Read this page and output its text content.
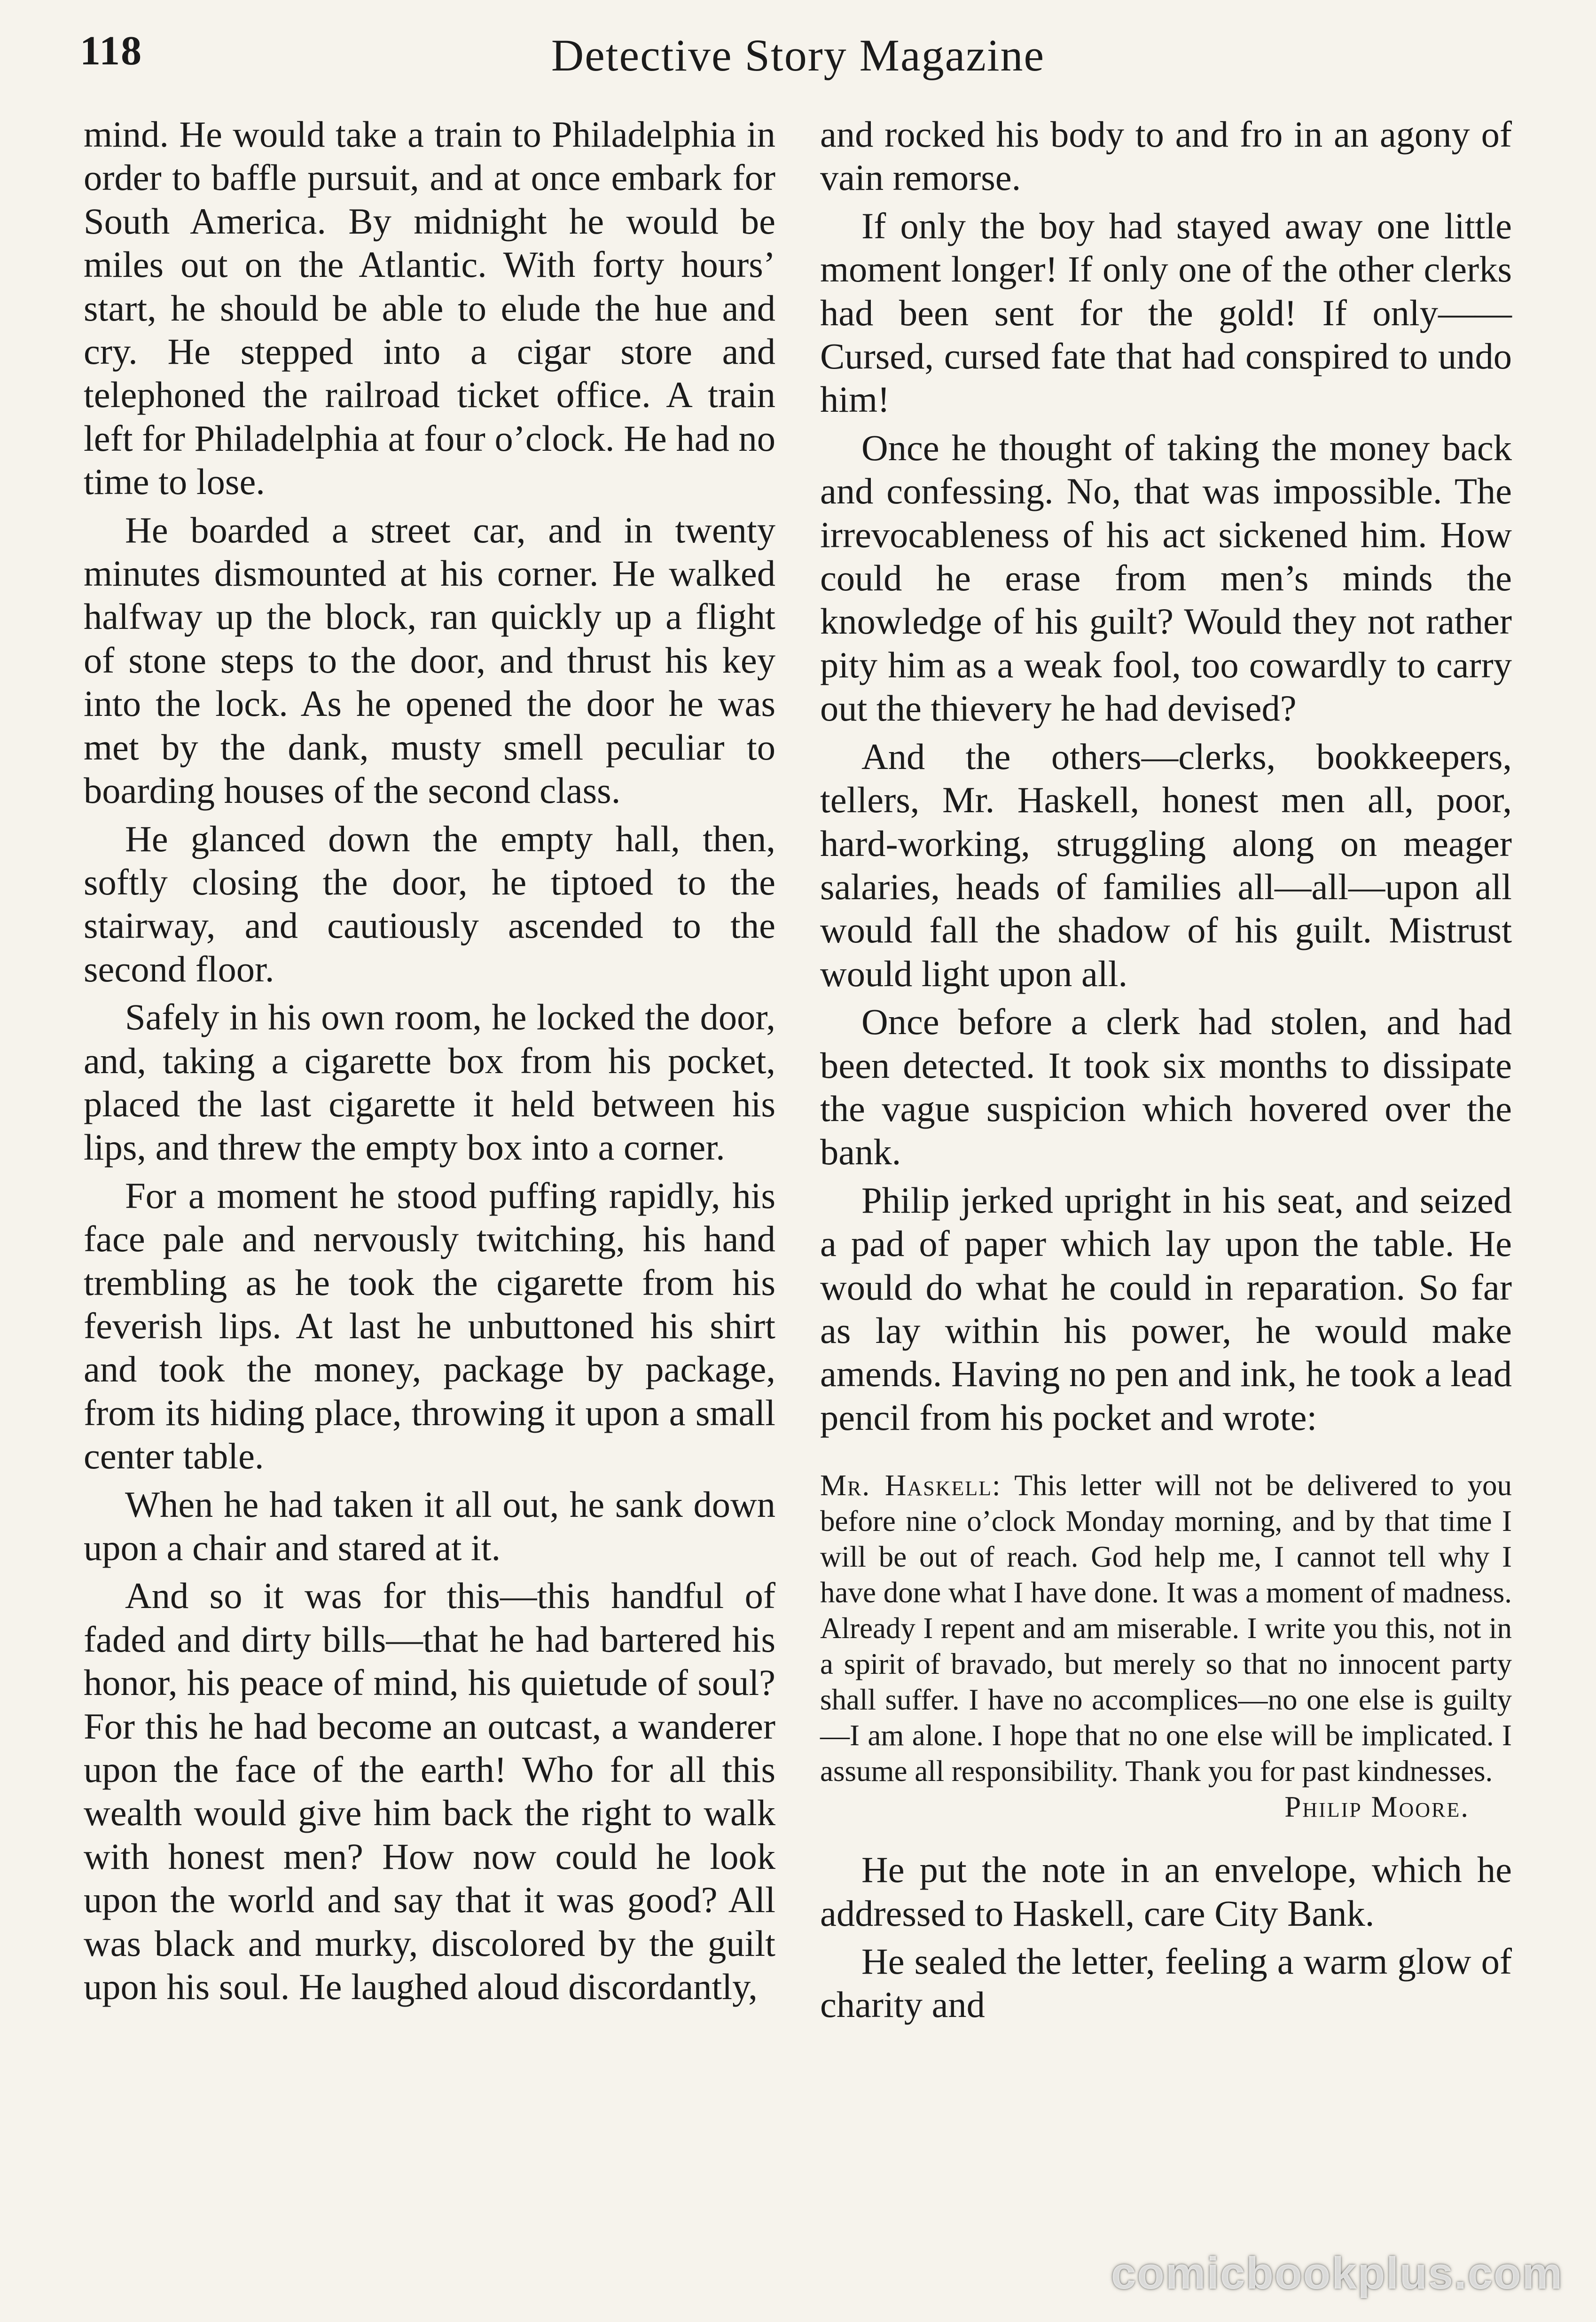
118	Detective Story Magazine

mind. He would take a train to Philadelphia in order to baffle pursuit, and at once embark for South America. By midnight he would be miles out on the Atlantic. With forty hours’ start, he should be able to elude the hue and cry. He stepped into a cigar store and telephoned the railroad ticket office. A train left for Philadelphia at four o’clock. He had no time to lose.

He boarded a street car, and in twenty minutes dismounted at his corner. He walked halfway up the block, ran quickly up a flight of stone steps to the door, and thrust his key into the lock. As he opened the door he was met by the dank, musty smell peculiar to boarding houses of the second class.

He glanced down the empty hall, then, softly closing the door, he tiptoed to the stairway, and cautiously ascended to the second floor.

Safely in his own room, he locked the door, and, taking a cigarette box from his pocket, placed the last cigarette it held between his lips, and threw the empty box into a corner.

For a moment he stood puffing rapidly, his face pale and nervously twitching, his hand trembling as he took the cigarette from his feverish lips. At last he unbuttoned his shirt and took the money, package by package, from its hiding place, throwing it upon a small center table.

When he had taken it all out, he sank down upon a chair and stared at it.

And so it was for this—this handful of faded and dirty bills—that he had bartered his honor, his peace of mind, his quietude of soul? For this he had become an outcast, a wanderer upon the face of the earth! Who for all this wealth would give him back the right to walk with honest men? How now could he look upon the world and say that it was good? All was black and murky, discolored by the guilt upon his soul. He laughed aloud discordantly,

and rocked his body to and fro in an agony of vain remorse.

If only the boy had stayed away one little moment longer! If only one of the other clerks had been sent for the gold! If only—— Cursed, cursed fate that had conspired to undo him!

Once he thought of taking the money back and confessing. No, that was impossible. The irrevocableness of his act sickened him. How could he erase from men’s minds the knowledge of his guilt? Would they not rather pity him as a weak fool, too cowardly to carry out the thievery he had devised?

And the others—clerks, bookkeepers, tellers, Mr. Haskell, honest men all, poor, hard-working, struggling along on meager salaries, heads of families all—all—upon all would fall the shadow of his guilt. Mistrust would light upon all.

Once before a clerk had stolen, and had been detected. It took six months to dissipate the vague suspicion which hovered over the bank.

Philip jerked upright in his seat, and seized a pad of paper which lay upon the table. He would do what he could in reparation. So far as lay within his power, he would make amends. Having no pen and ink, he took a lead pencil from his pocket and wrote:

Mr. Haskell: This letter will not be delivered to you before nine o’clock Monday morning, and by that time I will be out of reach. God help me, I cannot tell why I have done what I have done. It was a moment of madness. Already I repent and am miserable. I write you this, not in a spirit of bravado, but merely so that no innocent party shall suffer. I have no accomplices—no one else is guilty—I am alone. I hope that no one else will be implicated. I assume all responsibility. Thank you for past kindnesses.
Philip Moore.

He put the note in an envelope, which he addressed to Haskell, care City Bank.

He sealed the letter, feeling a warm glow of charity and

comicbookplus.com
